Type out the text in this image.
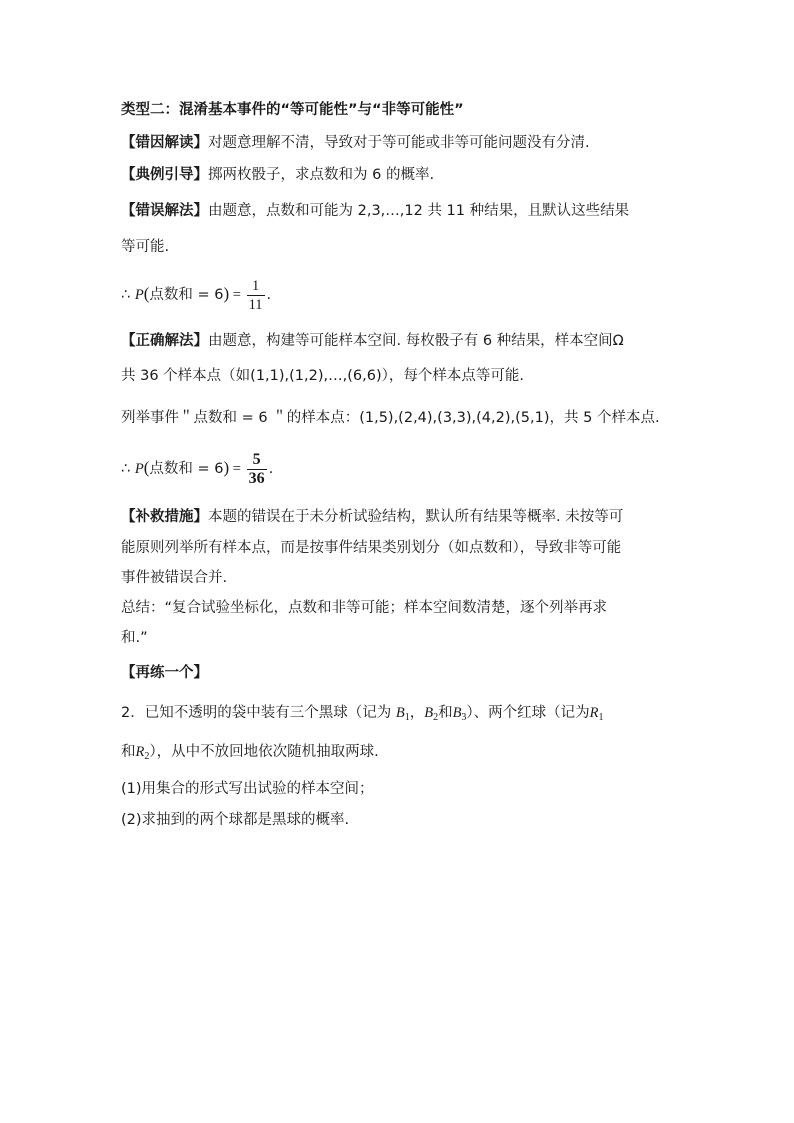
类型二：混淆基本事件的“等可能性”与“非等可能性”
【错因解读】对题意理解不清，导致对于等可能或非等可能问题没有分清.
【典例引导】掷两枚骰子，求点数和为 6 的概率.
【错误解法】由题意，点数和可能为 2,3,…,12 共 11 种结果，且默认这些结果
等可能.
∴ P(点数和 = $6) = \frac{1}{11}$ .
【正确解法】由题意，构建等可能样本空间. 每枚骰子有 6 种结果，样本空间Ω
共 36 个样本点（如(1,1),(1,2),…,(6,6)），每个样本点等可能.
列举事件＂点数和 = 6 ＂的样本点：(1,5),(2,4),(3,3),(4,2),(5,1)，共 5 个样本点.
∴ P(点数和 = $6) = \frac{5}{36}$ .
【补救措施】本题的错误在于未分析试验结构，默认所有结果等概率. 未按等可
能原则列举所有样本点，而是按事件结果类别划分（如点数和），导致非等可能
事件被错误合并.
总结：“复合试验坐标化，点数和非等可能；样本空间数清楚，逐个列举再求
和.”
【再练一个】
2．已知不透明的袋中装有三个黑球（记为 $B_1$，$B_2$和$B_3$）、两个红球（记为$R_1$
和$R_2$），从中不放回地依次随机抽取两球.
(1)用集合的形式写出试验的样本空间；
(2)求抽到的两个球都是黑球的概率.
